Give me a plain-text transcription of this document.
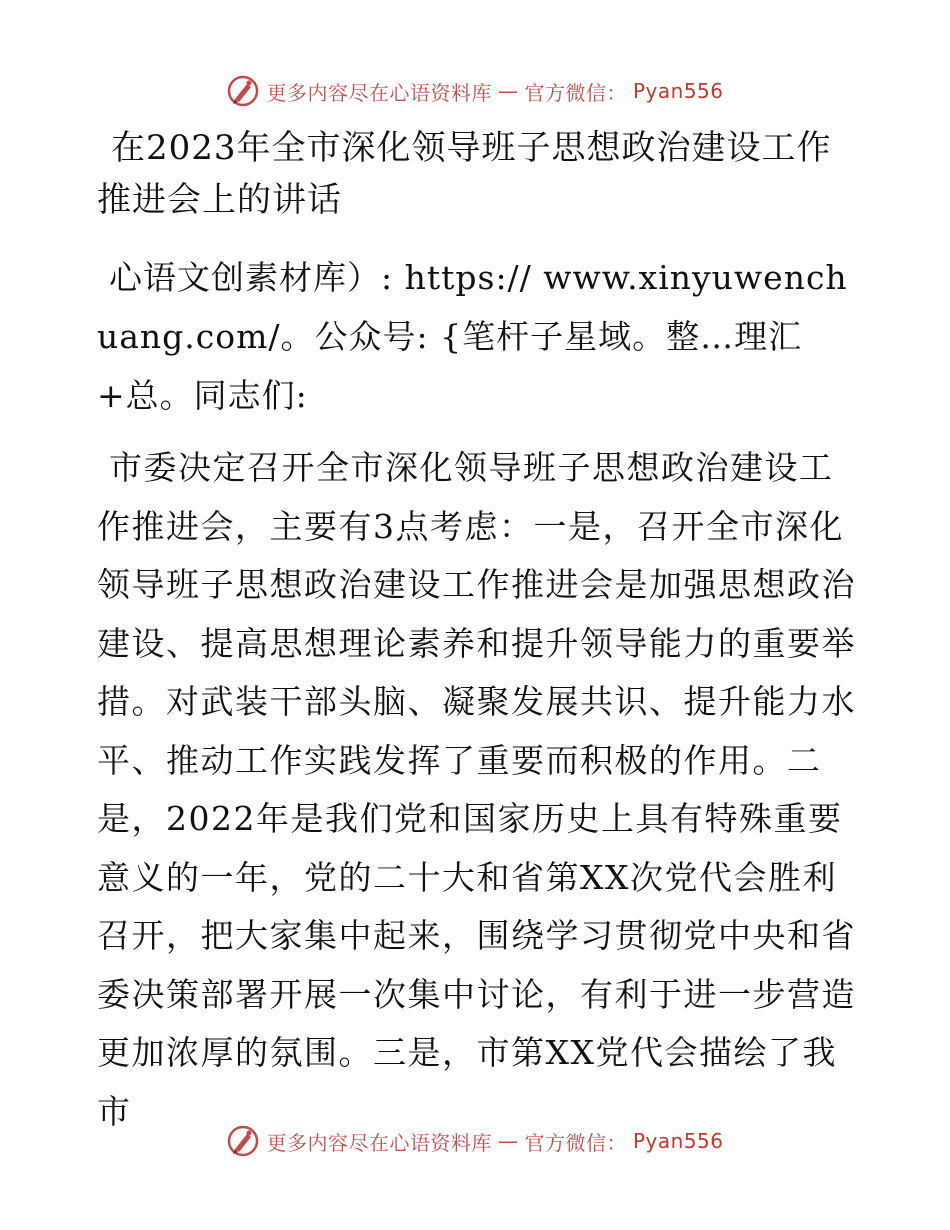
更多内容尽在心语资料库 — 官方微信： Pyan556
在2023年全市深化领导班子思想政治建设工作推进会上的讲话

心语文创素材库）: https:// www.xinyuwenchuang.com/。公众号: {笔杆子星域。整…理汇+总。同志们:

市委决定召开全市深化领导班子思想政治建设工作推进会，主要有3点考虑：一是，召开全市深化领导班子思想政治建设工作推进会是加强思想政治建设、提高思想理论素养和提升领导能力的重要举措。对武装干部头脑、凝聚发展共识、提升能力水平、推动工作实践发挥了重要而积极的作用。二是，2022年是我们党和国家历史上具有特殊重要意义的一年，党的二十大和省第XX次党代会胜利召开，把大家集中起来，围绕学习贯彻党中央和省委决策部署开展一次集中讨论，有利于进一步营造更加浓厚的氛围。三是，市第XX党代会描绘了我市

更多内容尽在心语资料库 — 官方微信： Pyan556
